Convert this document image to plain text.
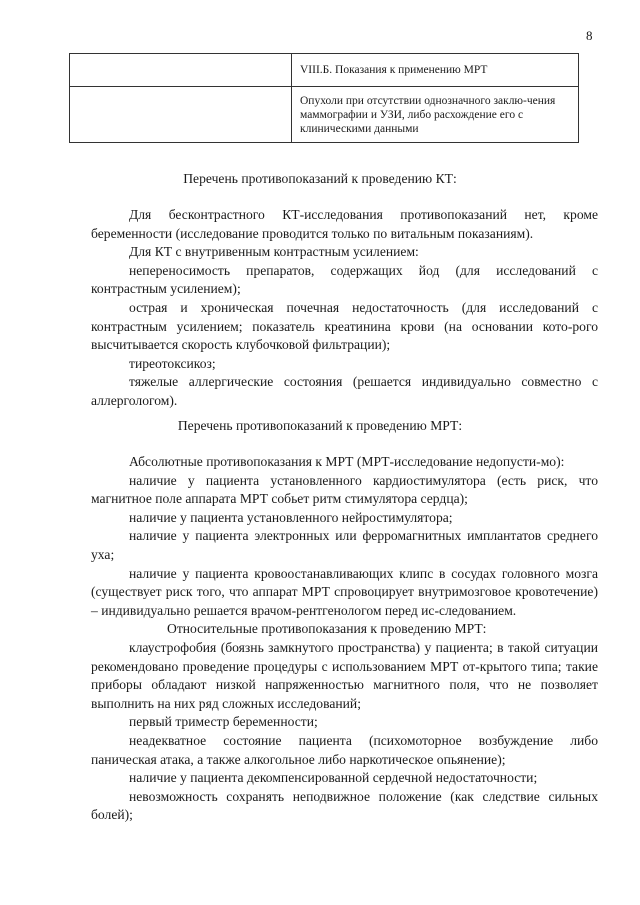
8
	VIII.Б. Показания к применению МРТ
	Опухоли при отсутствии однозначного заклю-чения маммографии и УЗИ, либо расхождение его с клиническими данными
Перечень противопоказаний к проведению КТ:

Для бесконтрастного КТ-исследования противопоказаний нет, кроме беременности (исследование проводится только по витальным показаниям).

Для КТ с внутривенным контрастным усилением:

непереносимость препаратов, содержащих йод (для исследований с контрастным усилением);

острая и хроническая почечная недостаточность (для исследований с контрастным усилением; показатель креатинина крови (на основании кото-рого высчитывается скорость клубочковой фильтрации);

тиреотоксикоз;

тяжелые аллергические состояния (решается индивидуально совместно с аллергологом).

Перечень противопоказаний к проведению МРТ:

Абсолютные противопоказания к МРТ (МРТ-исследование недопусти-мо):

наличие у пациента установленного кардиостимулятора (есть риск, что магнитное поле аппарата МРТ собьет ритм стимулятора сердца);

наличие у пациента установленного нейростимулятора;

наличие у пациента электронных или ферромагнитных имплантатов среднего уха;

наличие у пациента кровоостанавливающих клипс в сосудах головного мозга (существует риск того, что аппарат МРТ спровоцирует внутримозговое кровотечение) – индивидуально решается врачом-рентгенологом перед ис-следованием.

Относительные противопоказания к проведению МРТ:

клаустрофобия (боязнь замкнутого пространства) у пациента; в такой ситуации рекомендовано проведение процедуры с использованием МРТ от-крытого типа; такие приборы обладают низкой напряженностью магнитного поля, что не позволяет выполнить на них ряд сложных исследований;

первый триместр беременности;

неадекватное состояние пациента (психомоторное возбуждение либо паническая атака, а также алкогольное либо наркотическое опьянение);

наличие у пациента декомпенсированной сердечной недостаточности;

невозможность сохранять неподвижное положение (как следствие сильных болей);
